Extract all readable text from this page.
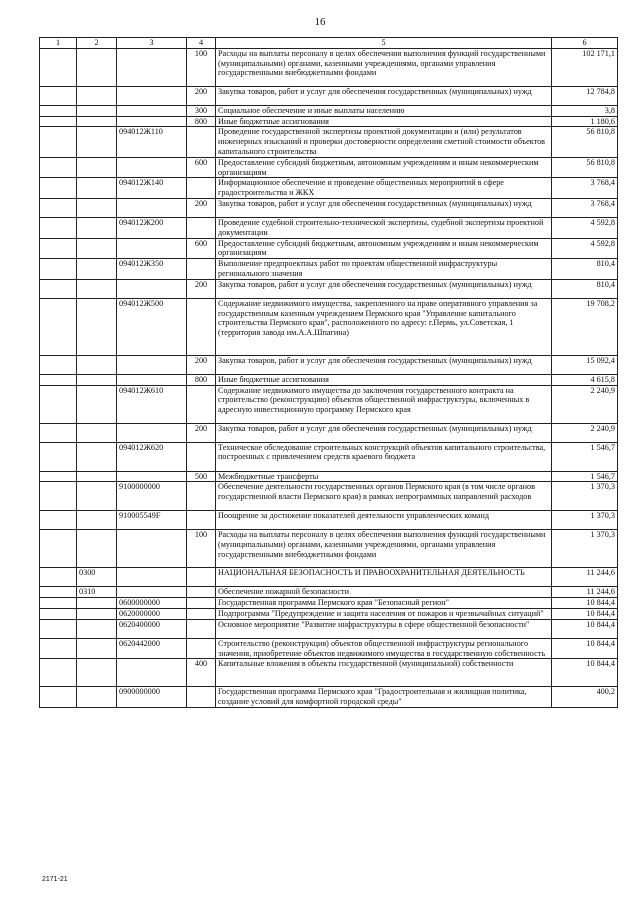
16
1	2	3	4	5	6
			100	Расходы на выплаты персоналу в целях обеспечения выполнения функций государственными (муниципальными) органами, казенными учреждениями, органами управления государственными внебюджетными фондами	102 171,1
			200	Закупка товаров, работ и услуг для обеспечения государственных (муниципальных) нужд	12 784,8
			300	Социальное обеспечение и иные выплаты населению	3,8
			800	Иные бюджетные ассигнования	1 180,6
		094012Ж110		Проведение государственной экспертизы проектной документации и (или) результатов инженерных изысканий и проверки достоверности определения сметной стоимости объектов капитального строительства	56 810,8
			600	Предоставление субсидий бюджетным, автономным учреждениям и иным некоммерческим организациям	56 810,8
		094012Ж140		Информационное обеспечение и проведение общественных мероприятий в сфере градостроительства и ЖКХ	3 768,4
			200	Закупка товаров, работ и услуг для обеспечения государственных (муниципальных) нужд	3 768,4
		094012Ж200		Проведение судебной строительно-технической экспертизы, судебной экспертизы проектной документации	4 592,8
			600	Предоставление субсидий бюджетным, автономным учреждениям и иным некоммерческим организациям	4 592,8
		094012Ж350		Выполнение предпроектных работ по проектам общественной инфраструктуры регионального значения	810,4
			200	Закупка товаров, работ и услуг для обеспечения государственных (муниципальных) нужд	810,4
		094012Ж500		Содержание недвижимого имущества, закрепленного на праве оперативного управления за государственным казенным учреждением Пермского края "Управление капитального строительства Пермского края", расположенного по адресу: г.Пермь, ул.Советская, 1 (территория завода им.А.А.Шпагина)	19 708,2
			200	Закупка товаров, работ и услуг для обеспечения государственных (муниципальных) нужд	15 092,4
			800	Иные бюджетные ассигнования	4 615,8
		094012Ж610		Содержание недвижимого имущества до заключения государственного контракта на строительство (реконструкцию) объектов общественной инфраструктуры, включенных в адресную инвестиционную программу Пермского края	2 240,9
			200	Закупка товаров, работ и услуг для обеспечения государственных (муниципальных) нужд	2 240,9
		094012Ж620		Техническое обследование строительных конструкций объектов капитального строительства, построенных с привлечением средств краевого бюджета	1 546,7
			500	Межбюджетные трансферты	1 546,7
		9100000000		Обеспечение деятельности государственных органов Пермского края (в том числе органов государственной власти Пермского края) в рамках непрограммных направлений расходов	1 370,3
		910005549F		Поощрение за достижение показателей деятельности управленческих команд	1 370,3
			100	Расходы на выплаты персоналу в целях обеспечения выполнения функций государственными (муниципальными) органами, казенными учреждениями, органами управления государственными внебюджетными фондами	1 370,3
	0300			НАЦИОНАЛЬНАЯ БЕЗОПАСНОСТЬ И ПРАВООХРАНИТЕЛЬНАЯ ДЕЯТЕЛЬНОСТЬ	11 244,6
	0310			Обеспечение пожарной безопасности	11 244,6
		0600000000		Государственная программа Пермского края "Безопасный регион"	10 844,4
		0620000000		Подпрограмма "Предупреждение и защита населения от пожаров и чрезвычайных ситуаций"	10 844,4
		0620400000		Основное мероприятие "Развитие инфраструктуры в сфере общественной безопасности"	10 844,4
		0620442000		Строительство (реконструкция) объектов общественной инфраструктуры регионального значения, приобретение объектов недвижимого имущества в государственную собственность	10 844,4
			400	Капитальные вложения в объекты государственной (муниципальной) собственности	10 844,4
		0900000000		Государственная программа Пермского края "Градостроительная и жилищная политика, создание условий для комфортной городской среды"	400,2
2171-21
